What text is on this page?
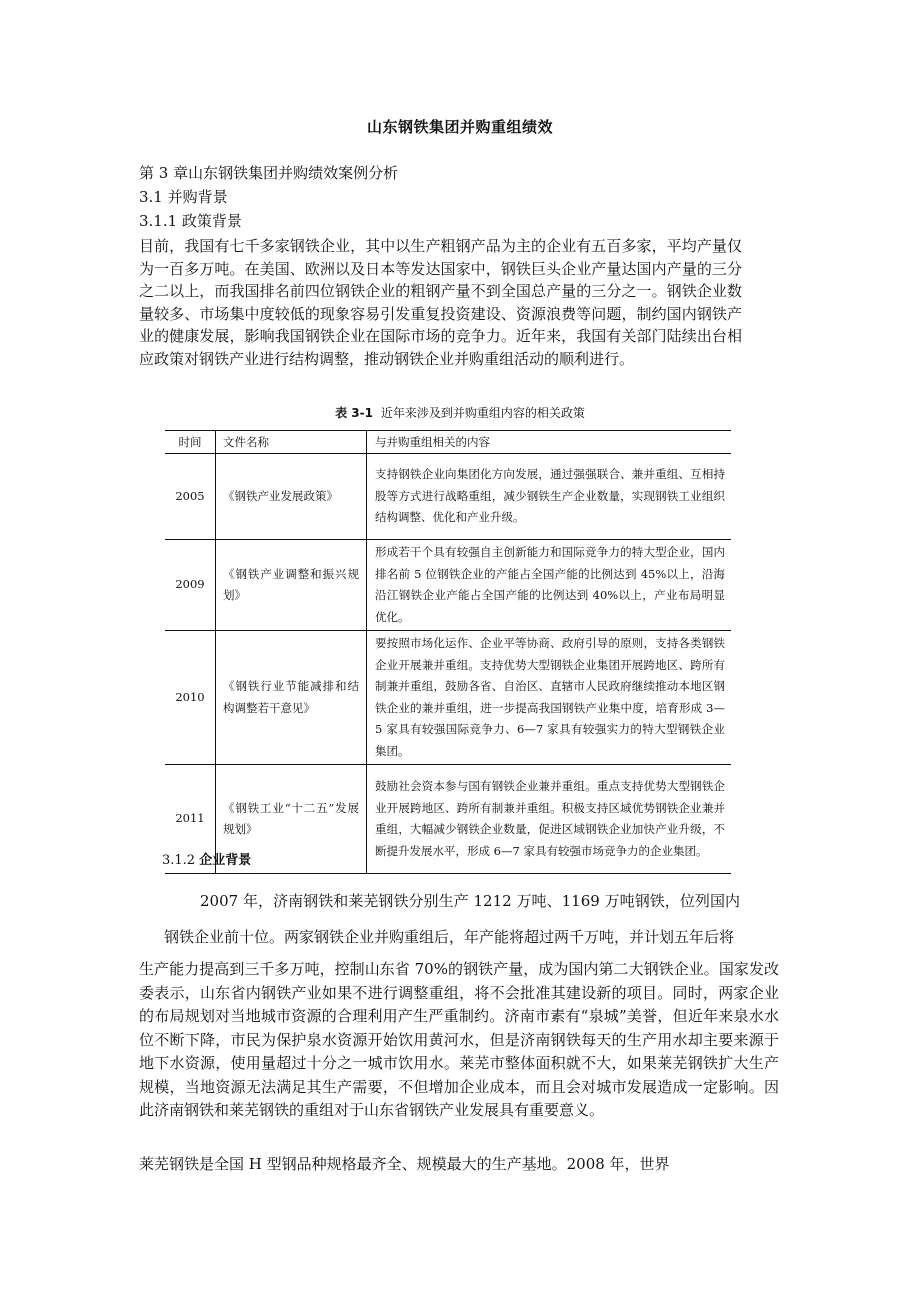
山东钢铁集团并购重组绩效
第 3 章山东钢铁集团并购绩效案例分析
3.1 并购背景
3.1.1 政策背景
目前，我国有七千多家钢铁企业，其中以生产粗钢产品为主的企业有五百多家，平均产量仅为一百多万吨。在美国、欧洲以及日本等发达国家中，钢铁巨头企业产量达国内产量的三分之二以上，而我国排名前四位钢铁企业的粗钢产量不到全国总产量的三分之一。钢铁企业数量较多、市场集中度较低的现象容易引发重复投资建设、资源浪费等问题，制约国内钢铁产业的健康发展，影响我国钢铁企业在国际市场的竞争力。近年来，我国有关部门陆续出台相应政策对钢铁产业进行结构调整，推动钢铁企业并购重组活动的顺利进行。
表 3-1 近年来涉及到并购重组内容的相关政策
时间	文件名称	与并购重组相关的内容
2005	《钢铁产业发展政策》	支持钢铁企业向集团化方向发展，通过强强联合、兼并重组、互相持股等方式进行战略重组，减少钢铁生产企业数量，实现钢铁工业组织结构调整、优化和产业升级。
2009	《钢铁产业调整和振兴规划》	形成若干个具有较强自主创新能力和国际竞争力的特大型企业，国内排名前 5 位钢铁企业的产能占全国产能的比例达到 45%以上，沿海沿江钢铁企业产能占全国产能的比例达到 40%以上，产业布局明显优化。
2010	《钢铁行业节能减排和结构调整若干意见》	要按照市场化运作、企业平等协商、政府引导的原则，支持各类钢铁企业开展兼并重组。支持优势大型钢铁企业集团开展跨地区、跨所有制兼并重组，鼓励各省、自治区、直辖市人民政府继续推动本地区钢铁企业的兼并重组，进一步提高我国钢铁产业集中度，培育形成 3—5 家具有较强国际竞争力、6—7 家具有较强实力的特大型钢铁企业集团。
2011	《钢铁工业“十二五”发展规划》	鼓励社会资本参与国有钢铁企业兼并重组。重点支持优势大型钢铁企业开展跨地区、跨所有制兼并重组。积极支持区域优势钢铁企业兼并重组，大幅减少钢铁企业数量，促进区域钢铁企业加快产业升级，不断提升发展水平，形成 6—7 家具有较强市场竞争力的企业集团。
3.1.2 企业背景
2007 年，济南钢铁和莱芜钢铁分别生产 1212 万吨、1169 万吨钢铁，位列国内钢铁企业前十位。两家钢铁企业并购重组后，年产能将超过两千万吨，并计划五年后将
生产能力提高到三千多万吨，控制山东省 70%的钢铁产量，成为国内第二大钢铁企业。国家发改委表示，山东省内钢铁产业如果不进行调整重组，将不会批准其建设新的项目。同时，两家企业的布局规划对当地城市资源的合理利用产生严重制约。济南市素有“泉城”美誉，但近年来泉水水位不断下降，市民为保护泉水资源开始饮用黄河水，但是济南钢铁每天的生产用水却主要来源于地下水资源，使用量超过十分之一城市饮用水。莱芜市整体面积就不大，如果莱芜钢铁扩大生产规模，当地资源无法满足其生产需要，不但增加企业成本，而且会对城市发展造成一定影响。因此济南钢铁和莱芜钢铁的重组对于山东省钢铁产业发展具有重要意义。
莱芜钢铁是全国 H 型钢品种规格最齐全、规模最大的生产基地。2008 年，世界
